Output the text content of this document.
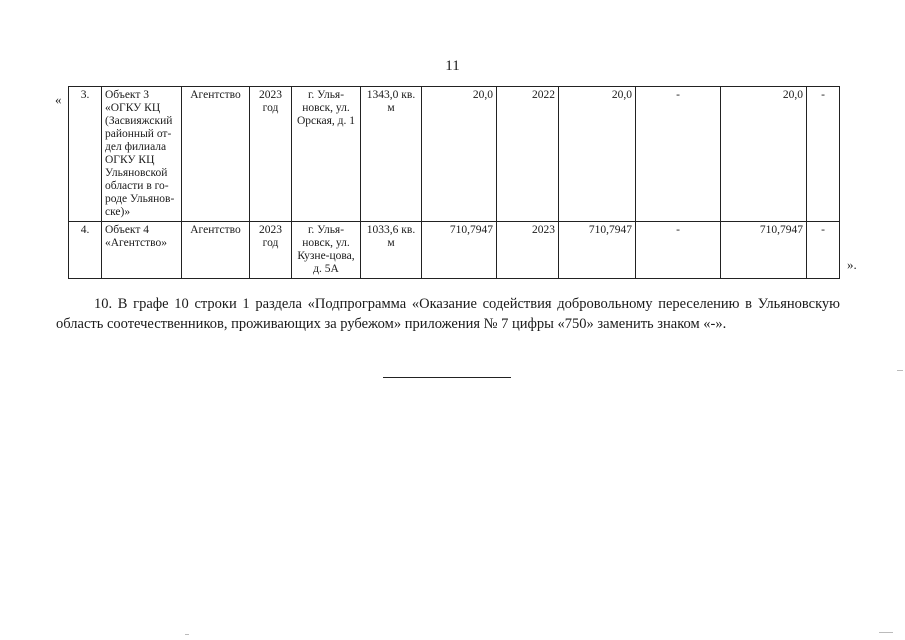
11
« 3.	Объект 3 «ОГКУ КЦ (Засвияжский районный от-дел филиала ОГКУ КЦ Ульяновской области в го-роде Ульянов-ске)»	Агентство	2023 год	г. Улья-новск, ул. Орская, д. 1	1343,0 кв. м	20,0	2022	20,0	-	20,0	-
4.	Объект 4 «Агентство»	Агентство	2023 год	г. Улья-новск, ул. Кузне-цова, д. 5А	1033,6 кв. м	710,7947	2023	710,7947	-	710,7947	-
».

10. В графе 10 строки 1 раздела «Подпрограмма «Оказание содействия добровольному переселению в Ульяновскую область соотечественников, проживающих за рубежом» приложения № 7 цифры «750» заменить знаком «-».
